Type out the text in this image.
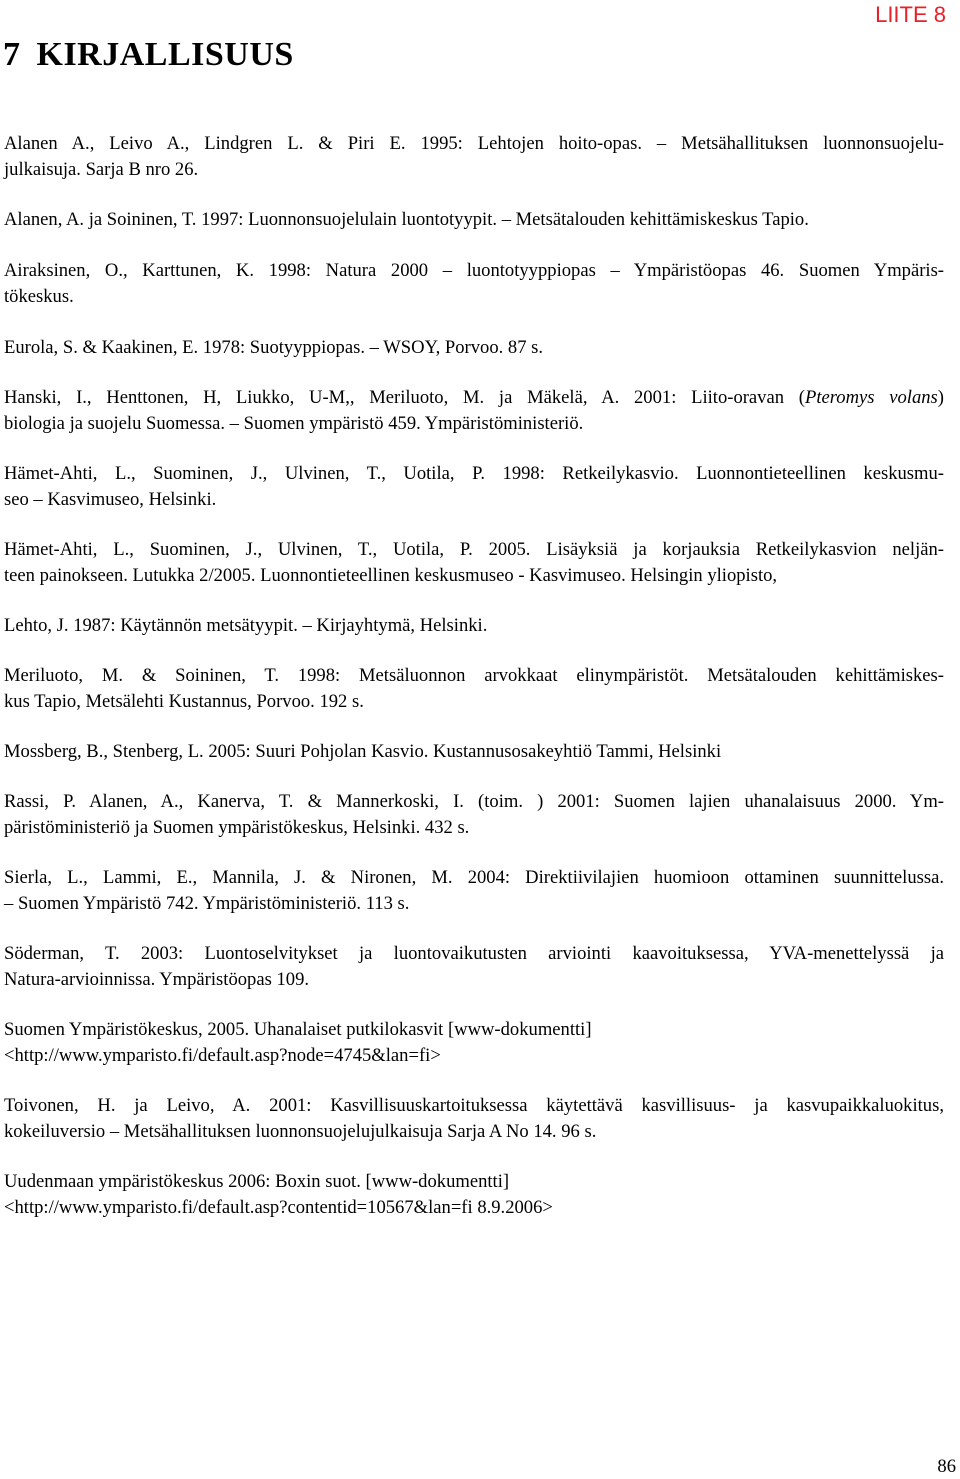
LIITE 8
7 KIRJALLISUUS

Alanen A., Leivo A., Lindgren L. & Piri E. 1995: Lehtojen hoito-opas. – Metsähallituksen luonnonsuojelu-
julkaisuja. Sarja B nro 26.

Alanen, A. ja Soininen, T. 1997: Luonnonsuojelulain luontotyypit. – Metsätalouden kehittämiskeskus Tapio.

Airaksinen, O., Karttunen, K. 1998: Natura 2000 – luontotyyppiopas – Ympäristöopas 46. Suomen Ympäris-
tökeskus.

Eurola, S. & Kaakinen, E. 1978: Suotyyppiopas. – WSOY, Porvoo. 87 s.

Hanski, I., Henttonen, H, Liukko, U-M,, Meriluoto, M. ja Mäkelä, A. 2001: Liito-oravan (Pteromys volans)
biologia ja suojelu Suomessa. – Suomen ympäristö 459. Ympäristöministeriö.

Hämet-Ahti, L., Suominen, J., Ulvinen, T., Uotila, P. 1998: Retkeilykasvio. Luonnontieteellinen keskusmu-
seo – Kasvimuseo, Helsinki.

Hämet-Ahti, L., Suominen, J., Ulvinen, T., Uotila, P. 2005. Lisäyksiä ja korjauksia Retkeilykasvion neljän-
teen painokseen. Lutukka 2/2005. Luonnontieteellinen keskusmuseo - Kasvimuseo. Helsingin yliopisto,

Lehto, J. 1987: Käytännön metsätyypit. – Kirjayhtymä, Helsinki.

Meriluoto, M. & Soininen, T. 1998: Metsäluonnon arvokkaat elinympäristöt. Metsätalouden kehittämiskes-
kus Tapio, Metsälehti Kustannus, Porvoo. 192 s.

Mossberg, B., Stenberg, L. 2005: Suuri Pohjolan Kasvio. Kustannusosakeyhtiö Tammi, Helsinki

Rassi, P. Alanen, A., Kanerva, T. & Mannerkoski, I. (toim. ) 2001: Suomen lajien uhanalaisuus 2000. Ym-
päristöministeriö ja Suomen ympäristökeskus, Helsinki. 432 s.

Sierla, L., Lammi, E., Mannila, J. & Nironen, M. 2004: Direktiivilajien huomioon ottaminen suunnittelussa.
– Suomen Ympäristö 742. Ympäristöministeriö. 113 s.

Söderman, T. 2003: Luontoselvitykset ja luontovaikutusten arviointi kaavoituksessa, YVA-menettelyssä ja
Natura-arvioinnissa. Ympäristöopas 109.

Suomen Ympäristökeskus, 2005. Uhanalaiset putkilokasvit [www-dokumentti]
<http://www.ymparisto.fi/default.asp?node=4745&lan=fi>

Toivonen, H. ja Leivo, A. 2001: Kasvillisuuskartoituksessa käytettävä kasvillisuus- ja kasvupaikkaluokitus,
kokeiluversio – Metsähallituksen luonnonsuojelujulkaisuja Sarja A No 14. 96 s.

Uudenmaan ympäristökeskus 2006: Boxin suot. [www-dokumentti]
<http://www.ymparisto.fi/default.asp?contentid=10567&lan=fi 8.9.2006>

86
